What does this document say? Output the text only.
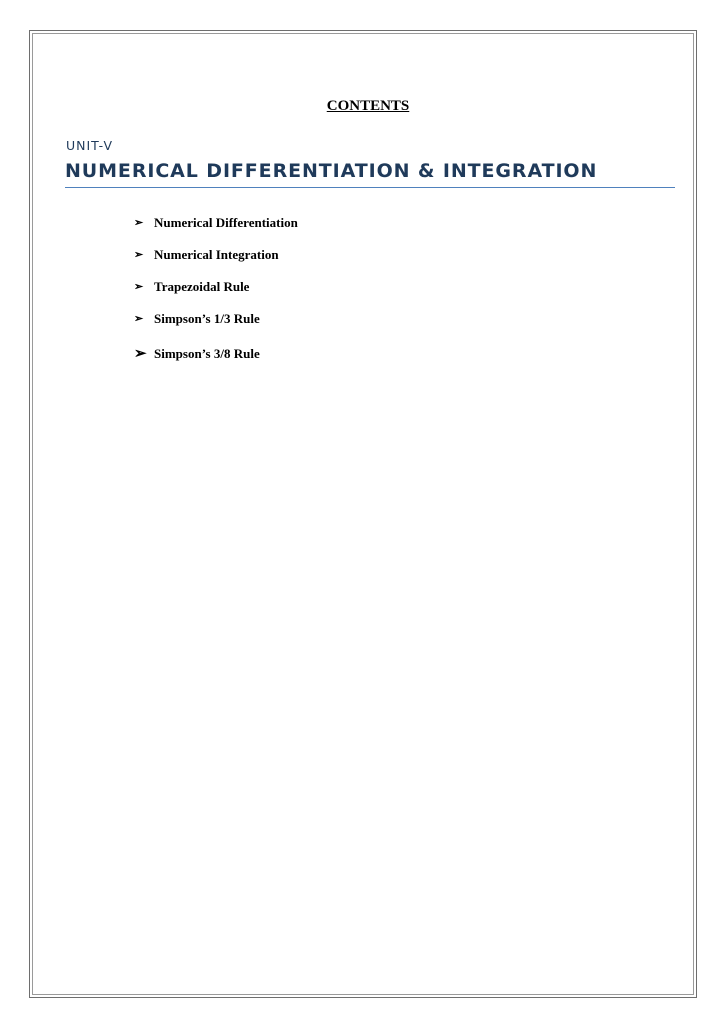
CONTENTS

UNIT-V

NUMERICAL DIFFERENTIATION & INTEGRATION
➢ Numerical Differentiation
➢ Numerical Integration
➢ Trapezoidal Rule
➢ Simpson’s 1/3 Rule
➢ Simpson’s 3/8 Rule
